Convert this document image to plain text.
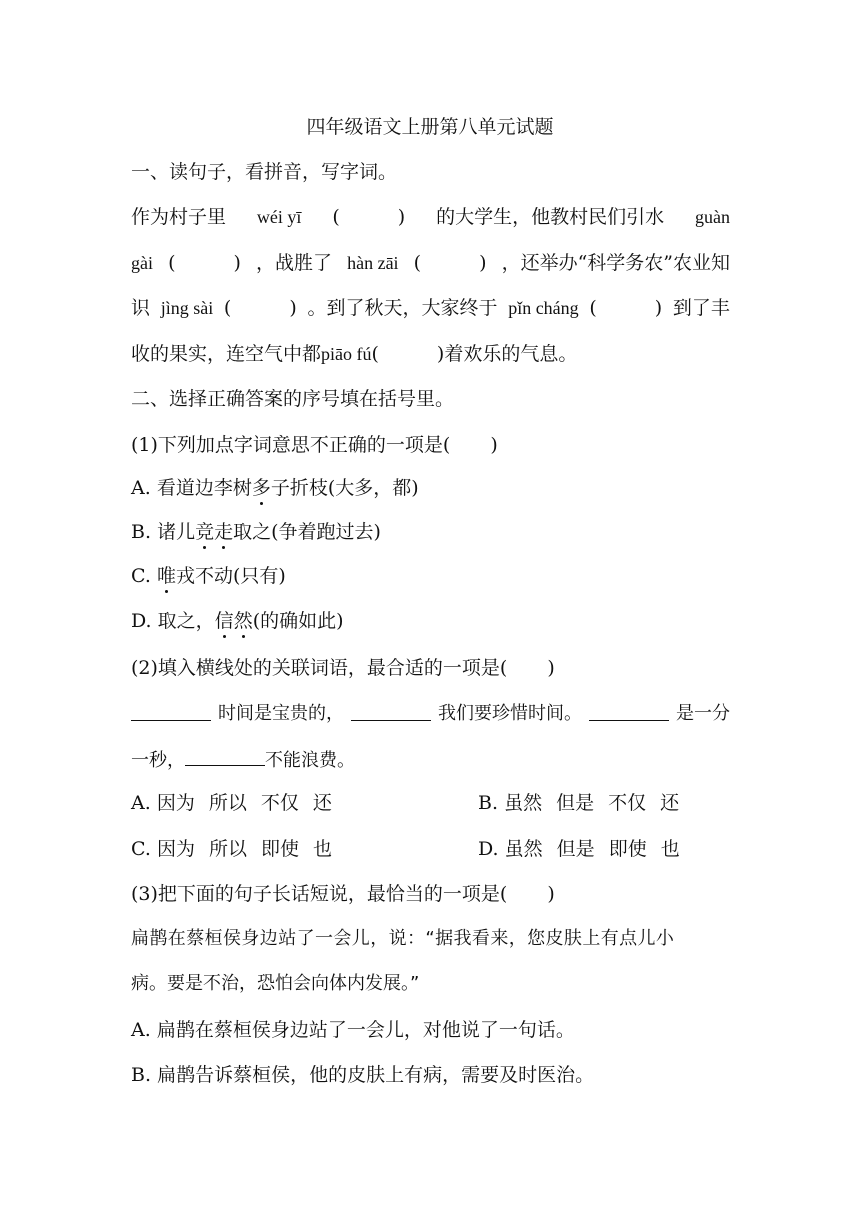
四年级语文上册第八单元试题
一、读句子，看拼音，写字词。
作为村子里 wéi yī (	) 的大学生，他教村民们引水 guàn
gài (	) ，战胜了 hàn zāi (	) ，还举办“科学务农”农业知
识 jìng sài (	) 。到了秋天，大家终于 pǐn cháng (	) 到了丰
收的果实，连空气中都piāo fú(	)着欢乐的气息。
二、选择正确答案的序号填在括号里。
(1)下列加点字词意思不正确的一项是( )
A. 看道边李树多子折枝(大多，都)
B. 诸儿竞走取之(争着跑过去)
C. 唯戎不动(只有)
D. 取之，信然(的确如此)
(2)填入横线处的关联词语，最合适的一项是( )
时间是宝贵的，	我们要珍惜时间。	是一分
一秒，	不能浪费。
A. 因为 所以 不仅 还	B. 虽然 但是 不仅 还
C. 因为 所以 即使 也	D. 虽然 但是 即使 也
(3)把下面的句子长话短说，最恰当的一项是( )
扁鹊在蔡桓侯身边站了一会儿，说：“据我看来，您皮肤上有点儿小
病。要是不治，恐怕会向体内发展。”
A. 扁鹊在蔡桓侯身边站了一会儿，对他说了一句话。
B. 扁鹊告诉蔡桓侯，他的皮肤上有病，需要及时医治。
